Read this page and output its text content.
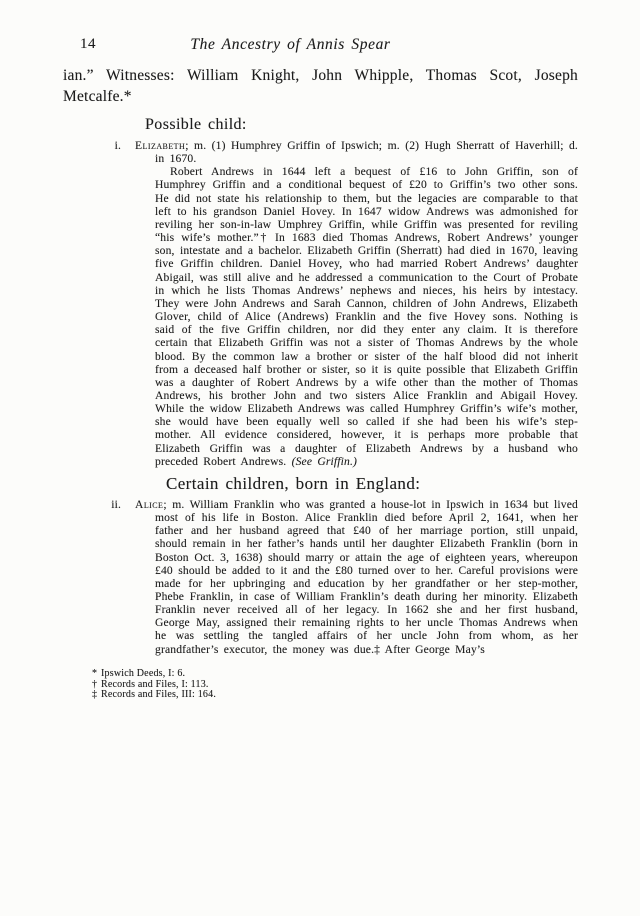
14	The Ancestry of Annis Spear

ian.” Witnesses: William Knight, John Whipple, Thomas Scot, Joseph Metcalfe.*

Possible child:
i. Elizabeth; m. (1) Humphrey Griffin of Ipswich; m. (2) Hugh Sherratt of Haverhill; d. in 1670.

Robert Andrews in 1644 left a bequest of £16 to John Griffin, son of Humphrey Griffin and a conditional bequest of £20 to Griffin’s two other sons. He did not state his relationship to them, but the legacies are comparable to that left to his grandson Daniel Hovey. In 1647 widow Andrews was admonished for reviling her son-in-law Umphrey Griffin, while Griffin was presented for reviling “his wife’s mother.”† In 1683 died Thomas Andrews, Robert Andrews’ younger son, intestate and a bachelor. Elizabeth Griffin (Sherratt) had died in 1670, leaving five Griffin children. Daniel Hovey, who had married Robert Andrews’ daughter Abigail, was still alive and he addressed a communication to the Court of Probate in which he lists Thomas Andrews’ nephews and nieces, his heirs by intestacy. They were John Andrews and Sarah Cannon, children of John Andrews, Elizabeth Glover, child of Alice (Andrews) Franklin and the five Hovey sons. Nothing is said of the five Griffin children, nor did they enter any claim. It is therefore certain that Elizabeth Griffin was not a sister of Thomas Andrews by the whole blood. By the common law a brother or sister of the half blood did not inherit from a deceased half brother or sister, so it is quite possible that Elizabeth Griffin was a daughter of Robert Andrews by a wife other than the mother of Thomas Andrews, his brother John and two sisters Alice Franklin and Abigail Hovey. While the widow Elizabeth Andrews was called Humphrey Griffin’s wife’s mother, she would have been equally well so called if she had been his wife’s step-mother. All evidence considered, however, it is perhaps more probable that Elizabeth Griffin was a daughter of Elizabeth Andrews by a husband who preceded Robert Andrews. (See Griffin.)

Certain children, born in England:
ii. Alice; m. William Franklin who was granted a house-lot in Ipswich in 1634 but lived most of his life in Boston. Alice Franklin died before April 2, 1641, when her father and her husband agreed that £40 of her marriage portion, still unpaid, should remain in her father’s hands until her daughter Elizabeth Franklin (born in Boston Oct. 3, 1638) should marry or attain the age of eighteen years, whereupon £40 should be added to it and the £80 turned over to her. Careful provisions were made for her upbringing and education by her grandfather or her step-mother, Phebe Franklin, in case of William Franklin’s death during her minority. Elizabeth Franklin never received all of her legacy. In 1662 she and her first husband, George May, assigned their remaining rights to her uncle Thomas Andrews when he was settling the tangled affairs of her uncle John from whom, as her grandfather’s executor, the money was due.‡ After George May’s

* Ipswich Deeds, I: 6.
† Records and Files, I: 113.
‡ Records and Files, III: 164.
